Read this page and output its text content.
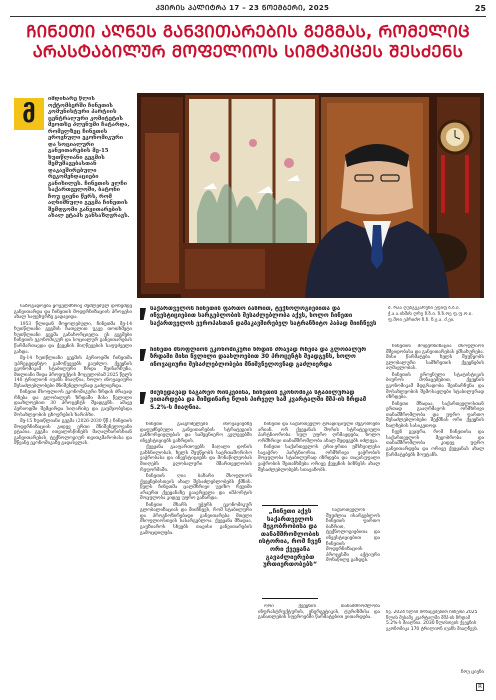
ᲙᲕᲘᲠᲘᲡ ᲞᲐᲚᲘᲢᲠᲐ 17 – 23 ᲜᲝᲔᲛᲑᲔᲠᲘ, 2025	25
ᲩᲘᲜᲔᲗᲘ ᲐᲦᲜᲔᲡ ᲒᲐᲜᲕᲘᲗᲐᲠᲔᲑᲘᲡ ᲒᲔᲒᲛᲐᲡ, ᲠᲝᲛᲔᲚᲘᲪ ᲐᲠᲐᲡᲢᲐᲑᲘᲚᲣᲠ ᲛᲝᲤᲔᲚᲘᲝᲡ ᲡᲘᲛᲢᲙᲘᲪᲔᲡ ᲨᲔᲡᲫᲔᲜᲡ
მ
იმდინარე წლის ოქტომბერში ჩინეთის კომუნისტური პარტიის ცენტრალური კომიტეტის მეოთხე პლენუმი ჩატარდა, რომელზეც ჩინეთის ეროვნული ეკონომიკური და სოციალური განვითარების მე-15 ხუთწლიანი გეგმის შემუშავებასთან დაკავშირებული რეკომენდაციები განიხილეს. ჩინეთის ელჩი საქართველოში, ბატონი ჩოუ ციენი წერს, რომ აღნიშნული გეგმა ჩინეთის შემდგომი განვითარების ახალ ეტაპს განსაზღვრავს.

საზოგადოება ყოველმხრივ შეძლებულ დონემდე განვითარდა და ჩინეთის მოდერნიზაციის პროცესი ახალ საფეხურზე გადავიდა.

1953 წლიდან მოყოლებული, ჩინეთმა მე-14 ხუთწლიანი გეგმის ჩათვლით უკვე თოთხმეტი ხუთწლიანი გეგმა განახორციელა. ეს გეგმები ჩინეთის ეკონომიკურ და სოციალურ განვითარებას წარმართავდა და ქვეყნის მიღწევების საფუძველი გახდა.

მე-14 ხუთწლიანი გეგმის პერიოდში ჩინეთმა უპრეცედენტო გამოწვევებს გაუძლო. ქვეყნის ეკონომიკამ სტაბილური ზრდა შეინარჩუნა, მთლიანი შიდა პროდუქტის მოცულობამ 2025 წელს 140 ტრილიონ იუანს მიაღწია, ხოლო ინოვაციური შესაძლებლობები მნიშვნელოვნად გაძლიერდა.

ჩინეთი მსოფლიოს ეკონომიკური ზრდის ძრავად რჩება და გლობალურ ზრდაში მისი წვლილი დაახლოებით 30 პროცენტს შეადგენს. ამავე პერიოდში შემცირდა სიღარიბე და გაუმჯობესდა მოსახლეობის ცხოვრების ხარისხი.

მე-15 ხუთწლიანი გეგმა (2026-2030 წწ.) ჩინეთის მოდერნიზაციის კიდევ ერთი მნიშვნელოვანი ეტაპია. გეგმა ითვალისწინებს მაღალხარისხიან განვითარებას, ტექნოლოგიურ თვითკმარობასა და მწვანე ეკონომიკაზე გადასვლას.

საქართველოს ჩინეთის ფართო ბაზრით, ტექნოლოგიებითა და ინვესტიციებით სარგებლობის შესაძლებლობა აქვს, ხოლო ჩინეთი საქართველოს ევროპასთან დამაკავშირებელ სატრანზიტო ჰაბად მიიჩნევს
ჩინეთი მსოფლიოს ეკონომიკური ზრდის ძრავად რჩება და გლობალურ ზრდაში მისი წვლილი დაახლოებით 30 პროცენტს შეადგენს, ხოლო ინოვაციური შესაძლებლობები მნიშვნელოვნად გაძლიერდა
მიუხედავად საგარეო რისკებისა, ჩინეთის ეკონომიკა სტაბილურად ვითარდება და მიმდინარე წლის პირველ სამ კვარტალში მშპ-ის ზრდამ 5.2%-ს მიაღწია.
მ. რაა ღუბგეკარუნი ეფიფ ზ.ზ.ი. ჭ.ა.ა.ისშის ღრუ ზ.ზ.ი. ზ.ზ.ოე ფ.ფ.ო.ი. ფ.შოი ეპრიძო ზ.ზ. ნ.ე.ა. ძ.ეი.

ჩინეთი გააგრძელებს ინოვაციებზე დაფუძნებული განვითარების სტრატეგიის განხორციელებას და სამეცნიერო კვლევებში ინვესტიციებს გაზრდის.

ქვეყანა გააფართოვებს მაღალი დონის გახსნილობას, ხელს შეუწყობს საერთაშორისო ვაჭრობასა და ინვესტიციებს და მონაწილეობას მიიღებს გლობალური მმართველობის რეფორმაში.

ჩინეთის ღია ბაზარი მსოფლიოს ქვეყნებისთვის ახალ შესაძლებლობებს ქმნის. წელს ჩინეთმა ცალმხრივი უვიზო რეჟიმი არაერთ ქვეყანაზე გაავრცელა და იმპორტის მოცულობა კიდევ უფრო გაზარდა.

ჩინეთი მხარს უჭერს ეკონომიკურ გლობალიზაციას და მიიჩნევს, რომ სტაბილური და პროგნოზირებადი განვითარება მთელი მსოფლიოსთვის სასარგებლოა. ქვეყანა მზადაა, გაუზიაროს სხვებს თავისი განვითარების გამოცდილება.

ჩინეთი და საქართველო ტრადიციული მეგობრები არიან. ორ ქვეყანას შორის სტრატეგიული პარტნიორობა სულ უფრო ღრმავდება, ხოლო ორმხრივი თანამშრომლობა ახალ შედეგებს იძლევა.

ჩინეთი საქართველოს ერთ-ერთი უმსხვილესი სავაჭრო პარტნიორია. ორმხრივი ვაჭრობის მოცულობა სტაბილურად იზრდება და თავისუფალი ვაჭრობის შეთანხმება ორივე ქვეყნის ბიზნესს ახალ შესაძლებლობებს სთავაზობს.

„ჩინეთი აქვს საქართველოს მეგობრობისა და თანამშრომლობის ისტორია, რომ ჩვენ ორი ქვეყანა გავაძლიერებთ ურთიერთობებს“

საქართველოს შეუძლია ისარგებლოს ჩინეთის ფართო ბაზრით, ტექნოლოგიებითა და ინვესტიციებით და ჩინეთის მოდერნიზაციის პროცესში აქტიური მონაწილე გახდეს.

ორი ქვეყნის თანამშრომლობა ინფრასტრუქტურის, ენერგეტიკის, ტურიზმისა და განათლების სფეროებში წარმატებით ვითარდება.

ჩინეთის მოდერნიზაცია მსოფლიოს მშვიდობასა და განვითარებას ემსახურება. მისი წარმატება ხელს შეუწყობს გლობალური სამხრეთის ქვეყნების აღმავლობას.

ჩინეთის ეროვნული სტატისტიკის ბიუროს მონაცემებით, ქვეყნის ეკონომიკამ მდგრადობა შეინარჩუნა და მოსახლეობის შემოსავლები სტაბილურად იზრდება.

ჩინეთი მზადაა, საქართველოსთან ერთად გააღრმავოს ორმხრივი თანამშრომლობა და უფრო ფართო შესაძლებლობები შექმნას ორი ქვეყნის ხალხების სასიკეთოდ.

ჩვენ გვჯერა, რომ ჩინეთისა და საქართველოს მეგობრობა და თანამშრომლობა კიდევ უფრო განვითარდება და ორივე ქვეყანას ახალ წარმატებებს მოუტანს.

ჩვ. 2024 წლის მონაცემებით ჩინეთი 2025 წლის მესამე კვარტალში მშპ-ის ზრდამ 5.2%-ს მიაღწია. 2030 წლისთვის ქვეყნის ეკონომიკა 170 ტრილიონ იუანს მიაღწევს.
ჩოუ ციენი
R
